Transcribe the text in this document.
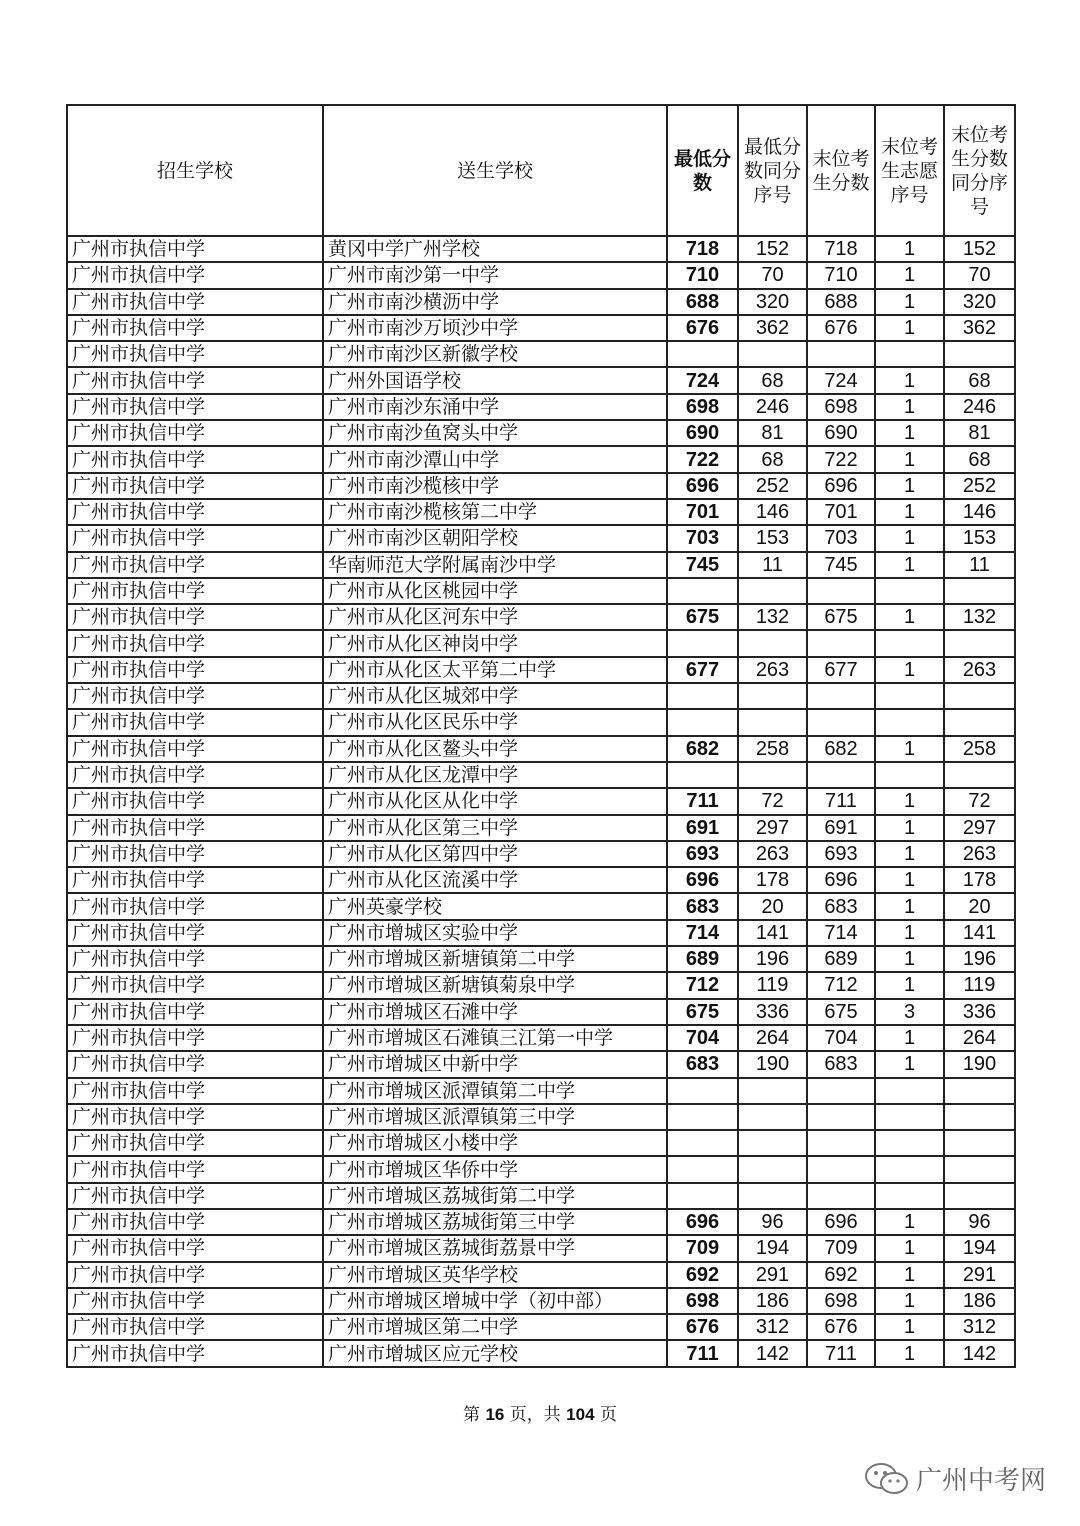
招生学校	送生学校	最低分数	最低分数同分序号	末位考生分数	末位考生志愿序号	末位考生分数同分序号
广州市执信中学	黄冈中学广州学校	718	152	718	1	152
广州市执信中学	广州市南沙第一中学	710	70	710	1	70
广州市执信中学	广州市南沙横沥中学	688	320	688	1	320
广州市执信中学	广州市南沙万顷沙中学	676	362	676	1	362
广州市执信中学	广州市南沙区新徽学校					
广州市执信中学	广州外国语学校	724	68	724	1	68
广州市执信中学	广州市南沙东涌中学	698	246	698	1	246
广州市执信中学	广州市南沙鱼窝头中学	690	81	690	1	81
广州市执信中学	广州市南沙潭山中学	722	68	722	1	68
广州市执信中学	广州市南沙榄核中学	696	252	696	1	252
广州市执信中学	广州市南沙榄核第二中学	701	146	701	1	146
广州市执信中学	广州市南沙区朝阳学校	703	153	703	1	153
广州市执信中学	华南师范大学附属南沙中学	745	11	745	1	11
广州市执信中学	广州市从化区桃园中学					
广州市执信中学	广州市从化区河东中学	675	132	675	1	132
广州市执信中学	广州市从化区神岗中学					
广州市执信中学	广州市从化区太平第二中学	677	263	677	1	263
广州市执信中学	广州市从化区城郊中学					
广州市执信中学	广州市从化区民乐中学					
广州市执信中学	广州市从化区鳌头中学	682	258	682	1	258
广州市执信中学	广州市从化区龙潭中学					
广州市执信中学	广州市从化区从化中学	711	72	711	1	72
广州市执信中学	广州市从化区第三中学	691	297	691	1	297
广州市执信中学	广州市从化区第四中学	693	263	693	1	263
广州市执信中学	广州市从化区流溪中学	696	178	696	1	178
广州市执信中学	广州英豪学校	683	20	683	1	20
广州市执信中学	广州市增城区实验中学	714	141	714	1	141
广州市执信中学	广州市增城区新塘镇第二中学	689	196	689	1	196
广州市执信中学	广州市增城区新塘镇菊泉中学	712	119	712	1	119
广州市执信中学	广州市增城区石滩中学	675	336	675	3	336
广州市执信中学	广州市增城区石滩镇三江第一中学	704	264	704	1	264
广州市执信中学	广州市增城区中新中学	683	190	683	1	190
广州市执信中学	广州市增城区派潭镇第二中学					
广州市执信中学	广州市增城区派潭镇第三中学					
广州市执信中学	广州市增城区小楼中学					
广州市执信中学	广州市增城区华侨中学					
广州市执信中学	广州市增城区荔城街第二中学					
广州市执信中学	广州市增城区荔城街第三中学	696	96	696	1	96
广州市执信中学	广州市增城区荔城街荔景中学	709	194	709	1	194
广州市执信中学	广州市增城区英华学校	692	291	692	1	291
广州市执信中学	广州市增城区增城中学（初中部）	698	186	698	1	186
广州市执信中学	广州市增城区第二中学	676	312	676	1	312
广州市执信中学	广州市增城区应元学校	711	142	711	1	142
第 16 页，共 104 页
广州中考网
